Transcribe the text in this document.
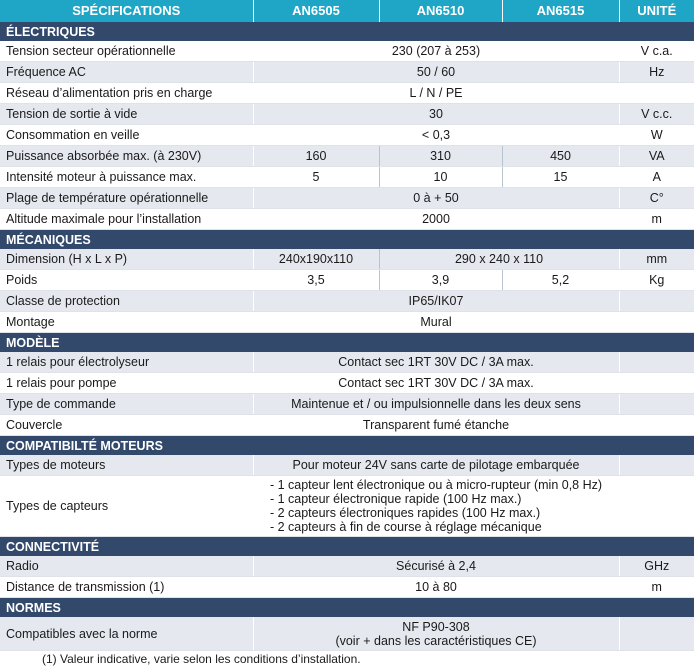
SPÉCIFICATIONS	AN6505	AN6510	AN6515	UNITÉ
ÉLECTRIQUES				
Tension secteur opérationnelle	230 (207 à 253)			V c.a.
Fréquence AC	50 / 60			Hz
Réseau d’alimentation pris en charge	L / N / PE			
Tension de sortie à vide	30			V c.c.
Consommation en veille	< 0,3			W
Puissance absorbée max. (à 230V)	160	310	450	VA
Intensité moteur à puissance max.	5	10	15	A
Plage de température opérationnelle	0 à + 50			C°
Altitude maximale pour l’installation	2000			m
MÉCANIQUES				
Dimension (H x L x P)	240x190x110	290 x 240 x 110		mm
Poids	3,5	3,9	5,2	Kg
Classe de protection	IP65/IK07			
Montage	Mural			
MODÈLE				
1 relais pour électrolyseur	Contact sec 1RT 30V DC / 3A max.			
1 relais pour pompe	Contact sec 1RT 30V DC / 3A max.			
Type de commande	Maintenue et / ou impulsionnelle dans les deux sens			
Couvercle	Transparent fumé étanche			
COMPATIBILTÉ MOTEURS				
Types de moteurs	Pour moteur 24V sans carte de pilotage embarquée			
Types de capteurs	- 1 capteur lent électronique ou à micro-rupteur (min 0,8 Hz)
- 1 capteur électronique rapide (100 Hz max.)
- 2 capteurs électroniques rapides (100 Hz max.)
- 2 capteurs à fin de course à réglage mécanique			

CONNECTIVITÉ				
Radio	Sécurisé à 2,4			GHz
Distance de transmission (1)	10 à 80			m
NORMES				
Compatibles avec la norme	NF P90-308
(voir + dans les caractéristiques CE)			

(1) Valeur indicative, varie selon les conditions d’installation.
